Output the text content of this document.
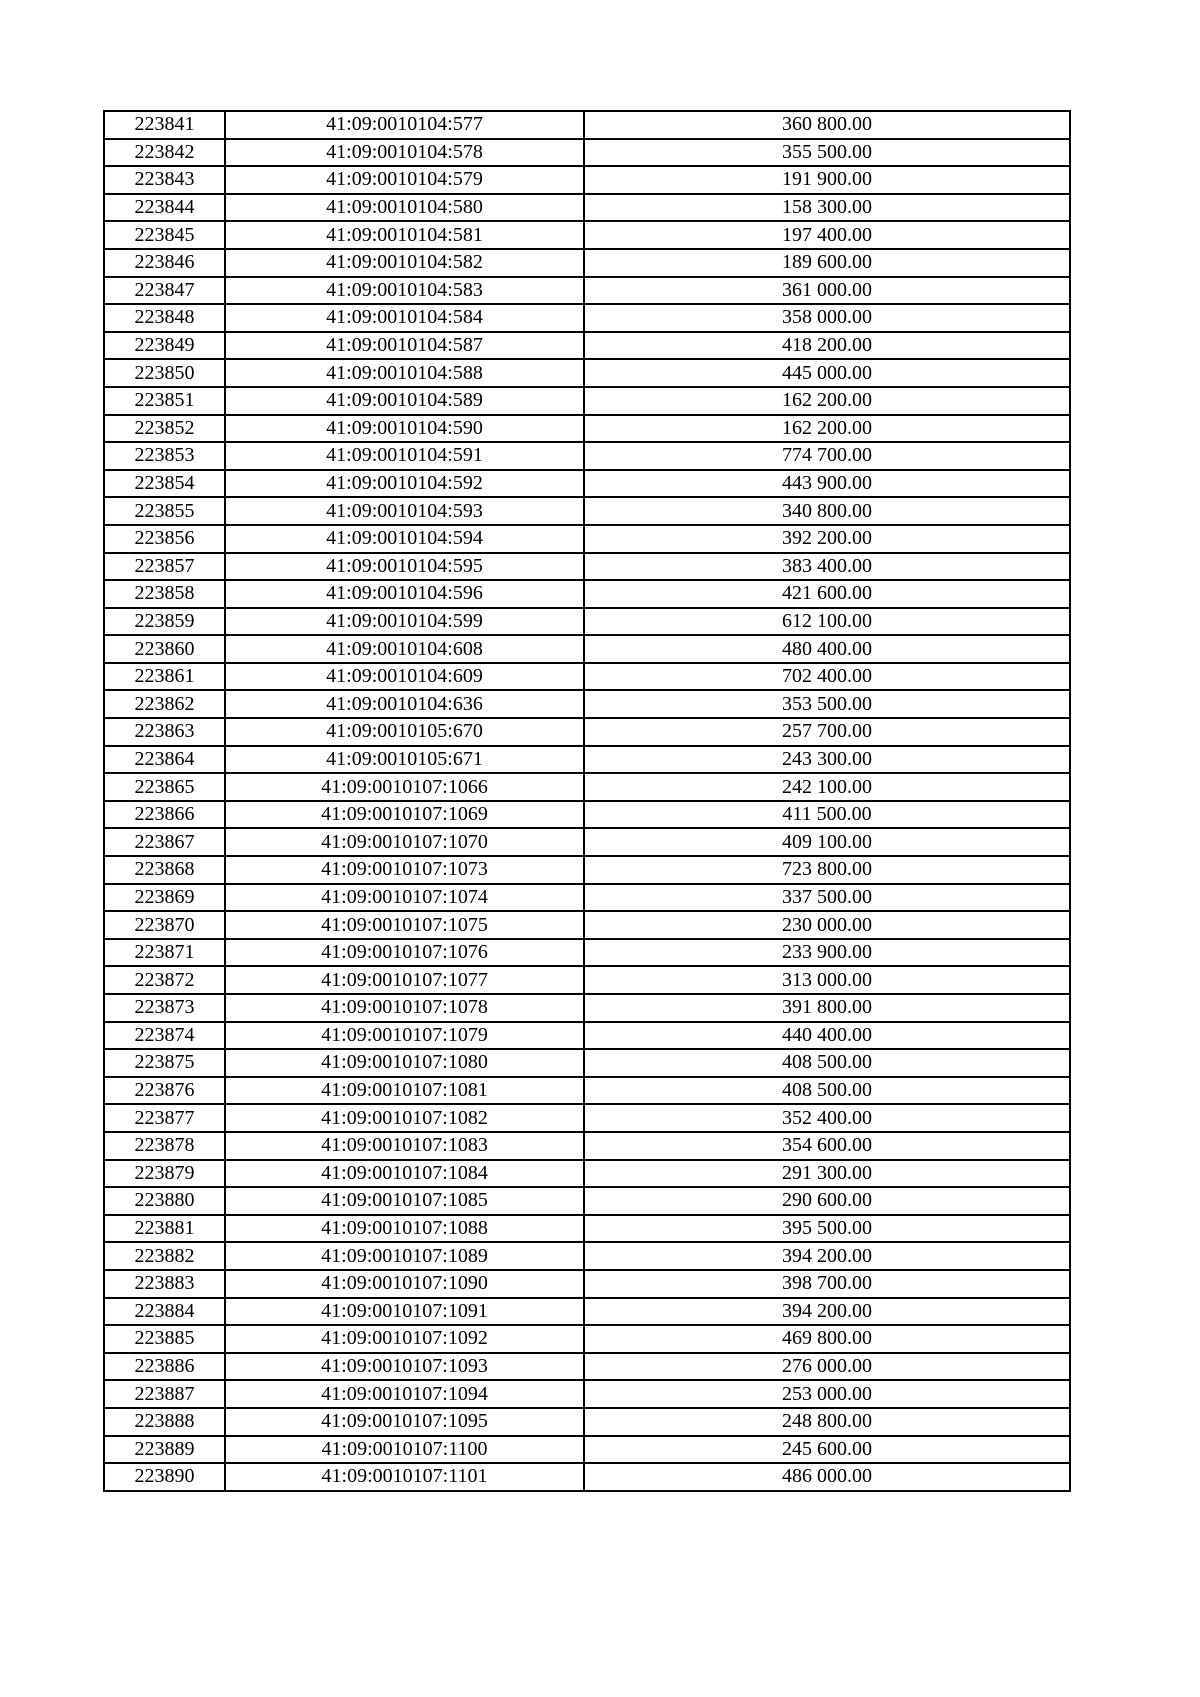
223841	41:09:0010104:577	360 800.00
223842	41:09:0010104:578	355 500.00
223843	41:09:0010104:579	191 900.00
223844	41:09:0010104:580	158 300.00
223845	41:09:0010104:581	197 400.00
223846	41:09:0010104:582	189 600.00
223847	41:09:0010104:583	361 000.00
223848	41:09:0010104:584	358 000.00
223849	41:09:0010104:587	418 200.00
223850	41:09:0010104:588	445 000.00
223851	41:09:0010104:589	162 200.00
223852	41:09:0010104:590	162 200.00
223853	41:09:0010104:591	774 700.00
223854	41:09:0010104:592	443 900.00
223855	41:09:0010104:593	340 800.00
223856	41:09:0010104:594	392 200.00
223857	41:09:0010104:595	383 400.00
223858	41:09:0010104:596	421 600.00
223859	41:09:0010104:599	612 100.00
223860	41:09:0010104:608	480 400.00
223861	41:09:0010104:609	702 400.00
223862	41:09:0010104:636	353 500.00
223863	41:09:0010105:670	257 700.00
223864	41:09:0010105:671	243 300.00
223865	41:09:0010107:1066	242 100.00
223866	41:09:0010107:1069	411 500.00
223867	41:09:0010107:1070	409 100.00
223868	41:09:0010107:1073	723 800.00
223869	41:09:0010107:1074	337 500.00
223870	41:09:0010107:1075	230 000.00
223871	41:09:0010107:1076	233 900.00
223872	41:09:0010107:1077	313 000.00
223873	41:09:0010107:1078	391 800.00
223874	41:09:0010107:1079	440 400.00
223875	41:09:0010107:1080	408 500.00
223876	41:09:0010107:1081	408 500.00
223877	41:09:0010107:1082	352 400.00
223878	41:09:0010107:1083	354 600.00
223879	41:09:0010107:1084	291 300.00
223880	41:09:0010107:1085	290 600.00
223881	41:09:0010107:1088	395 500.00
223882	41:09:0010107:1089	394 200.00
223883	41:09:0010107:1090	398 700.00
223884	41:09:0010107:1091	394 200.00
223885	41:09:0010107:1092	469 800.00
223886	41:09:0010107:1093	276 000.00
223887	41:09:0010107:1094	253 000.00
223888	41:09:0010107:1095	248 800.00
223889	41:09:0010107:1100	245 600.00
223890	41:09:0010107:1101	486 000.00
